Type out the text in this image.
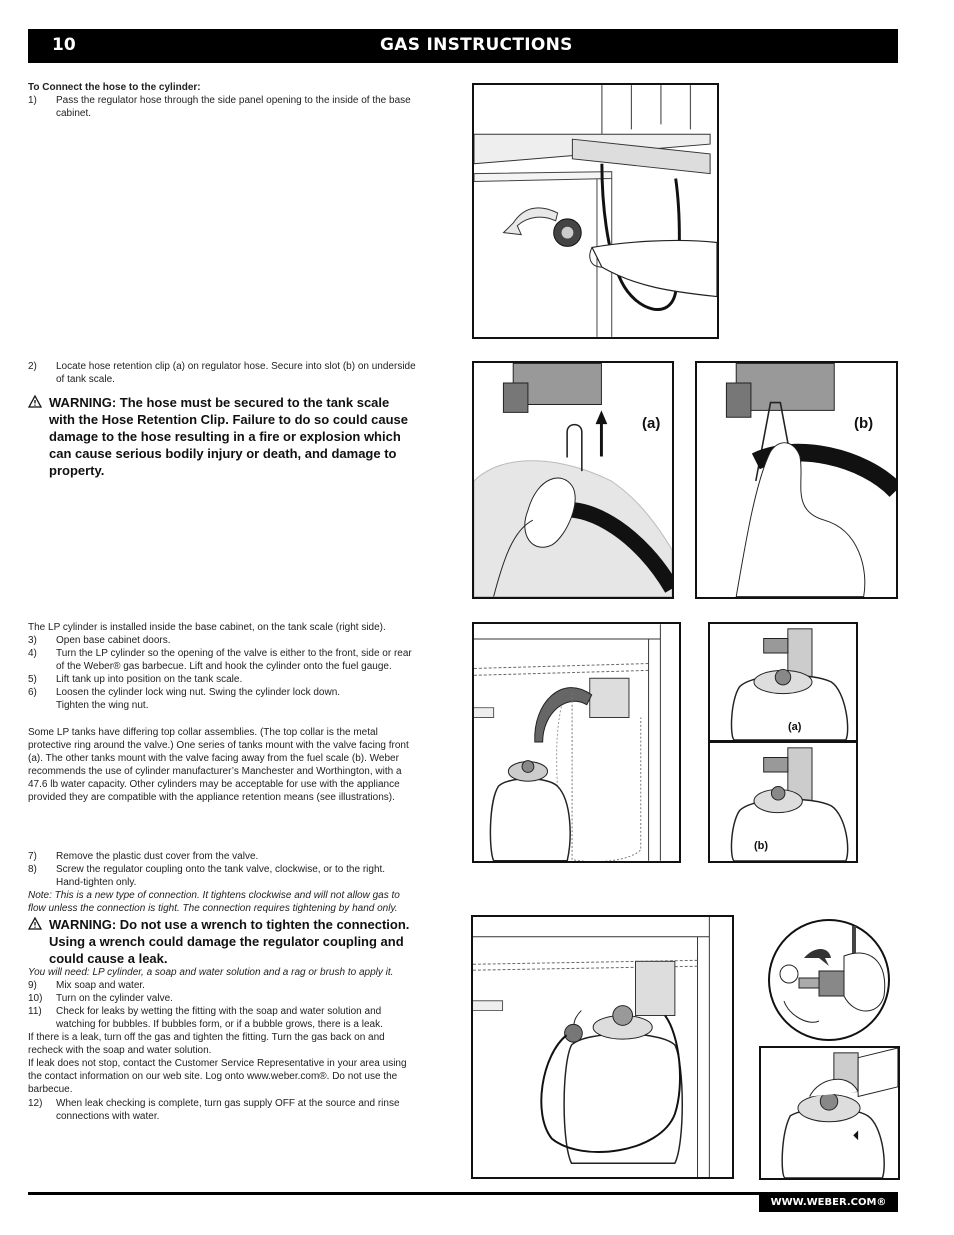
10	GAS INSTRUCTIONS
To Connect the hose to the cylinder:
1) Pass the regulator hose through the side panel opening to the inside of the base
cabinet.
2) Locate hose retention clip (a) on regulator hose. Secure into slot (b) on underside
of tank scale.
WARNING: The hose must be secured to the tank scale
with the Hose Retention Clip. Failure to do so could cause
damage to the hose resulting in a fire or explosion which
can cause serious bodily injury or death, and damage to
property.
(a)	(b)
The LP cylinder is installed inside the base cabinet, on the tank scale (right side).
3) Open base cabinet doors.
4) Turn the LP cylinder so the opening of the valve is either to the front, side or rear
of the Weber® gas barbecue. Lift and hook the cylinder onto the fuel gauge.
5) Lift tank up into position on the tank scale.
6) Loosen the cylinder lock wing nut. Swing the cylinder lock down.
Tighten the wing nut.
Some LP tanks have differing top collar assemblies. (The top collar is the metal
protective ring around the valve.) One series of tanks mount with the valve facing front
(a). The other tanks mount with the valve facing away from the fuel scale (b). Weber
recommends the use of cylinder manufacturer’s Manchester and Worthington, with a
47.6 lb water capacity. Other cylinders may be acceptable for use with the appliance
provided they are compatible with the appliance retention means (see illustrations).
(a)
(b)
7) Remove the plastic dust cover from the valve.
8) Screw the regulator coupling onto the tank valve, clockwise, or to the right.
Hand-tighten only.
Note: This is a new type of connection. It tightens clockwise and will not allow gas to
flow unless the connection is tight. The connection requires tightening by hand only.
WARNING: Do not use a wrench to tighten the connection.
Using a wrench could damage the regulator coupling and
could cause a leak.
You will need: LP cylinder, a soap and water solution and a rag or brush to apply it.
9) Mix soap and water.
10) Turn on the cylinder valve.
11) Check for leaks by wetting the fitting with the soap and water solution and
watching for bubbles. If bubbles form, or if a bubble grows, there is a leak.
If there is a leak, turn off the gas and tighten the fitting. Turn the gas back on and
recheck with the soap and water solution.
If leak does not stop, contact the Customer Service Representative in your area using
the contact information on our web site. Log onto www.weber.com®. Do not use the
barbecue.
12) When leak checking is complete, turn gas supply OFF at the source and rinse
connections with water.
WWW.WEBER.COM®
